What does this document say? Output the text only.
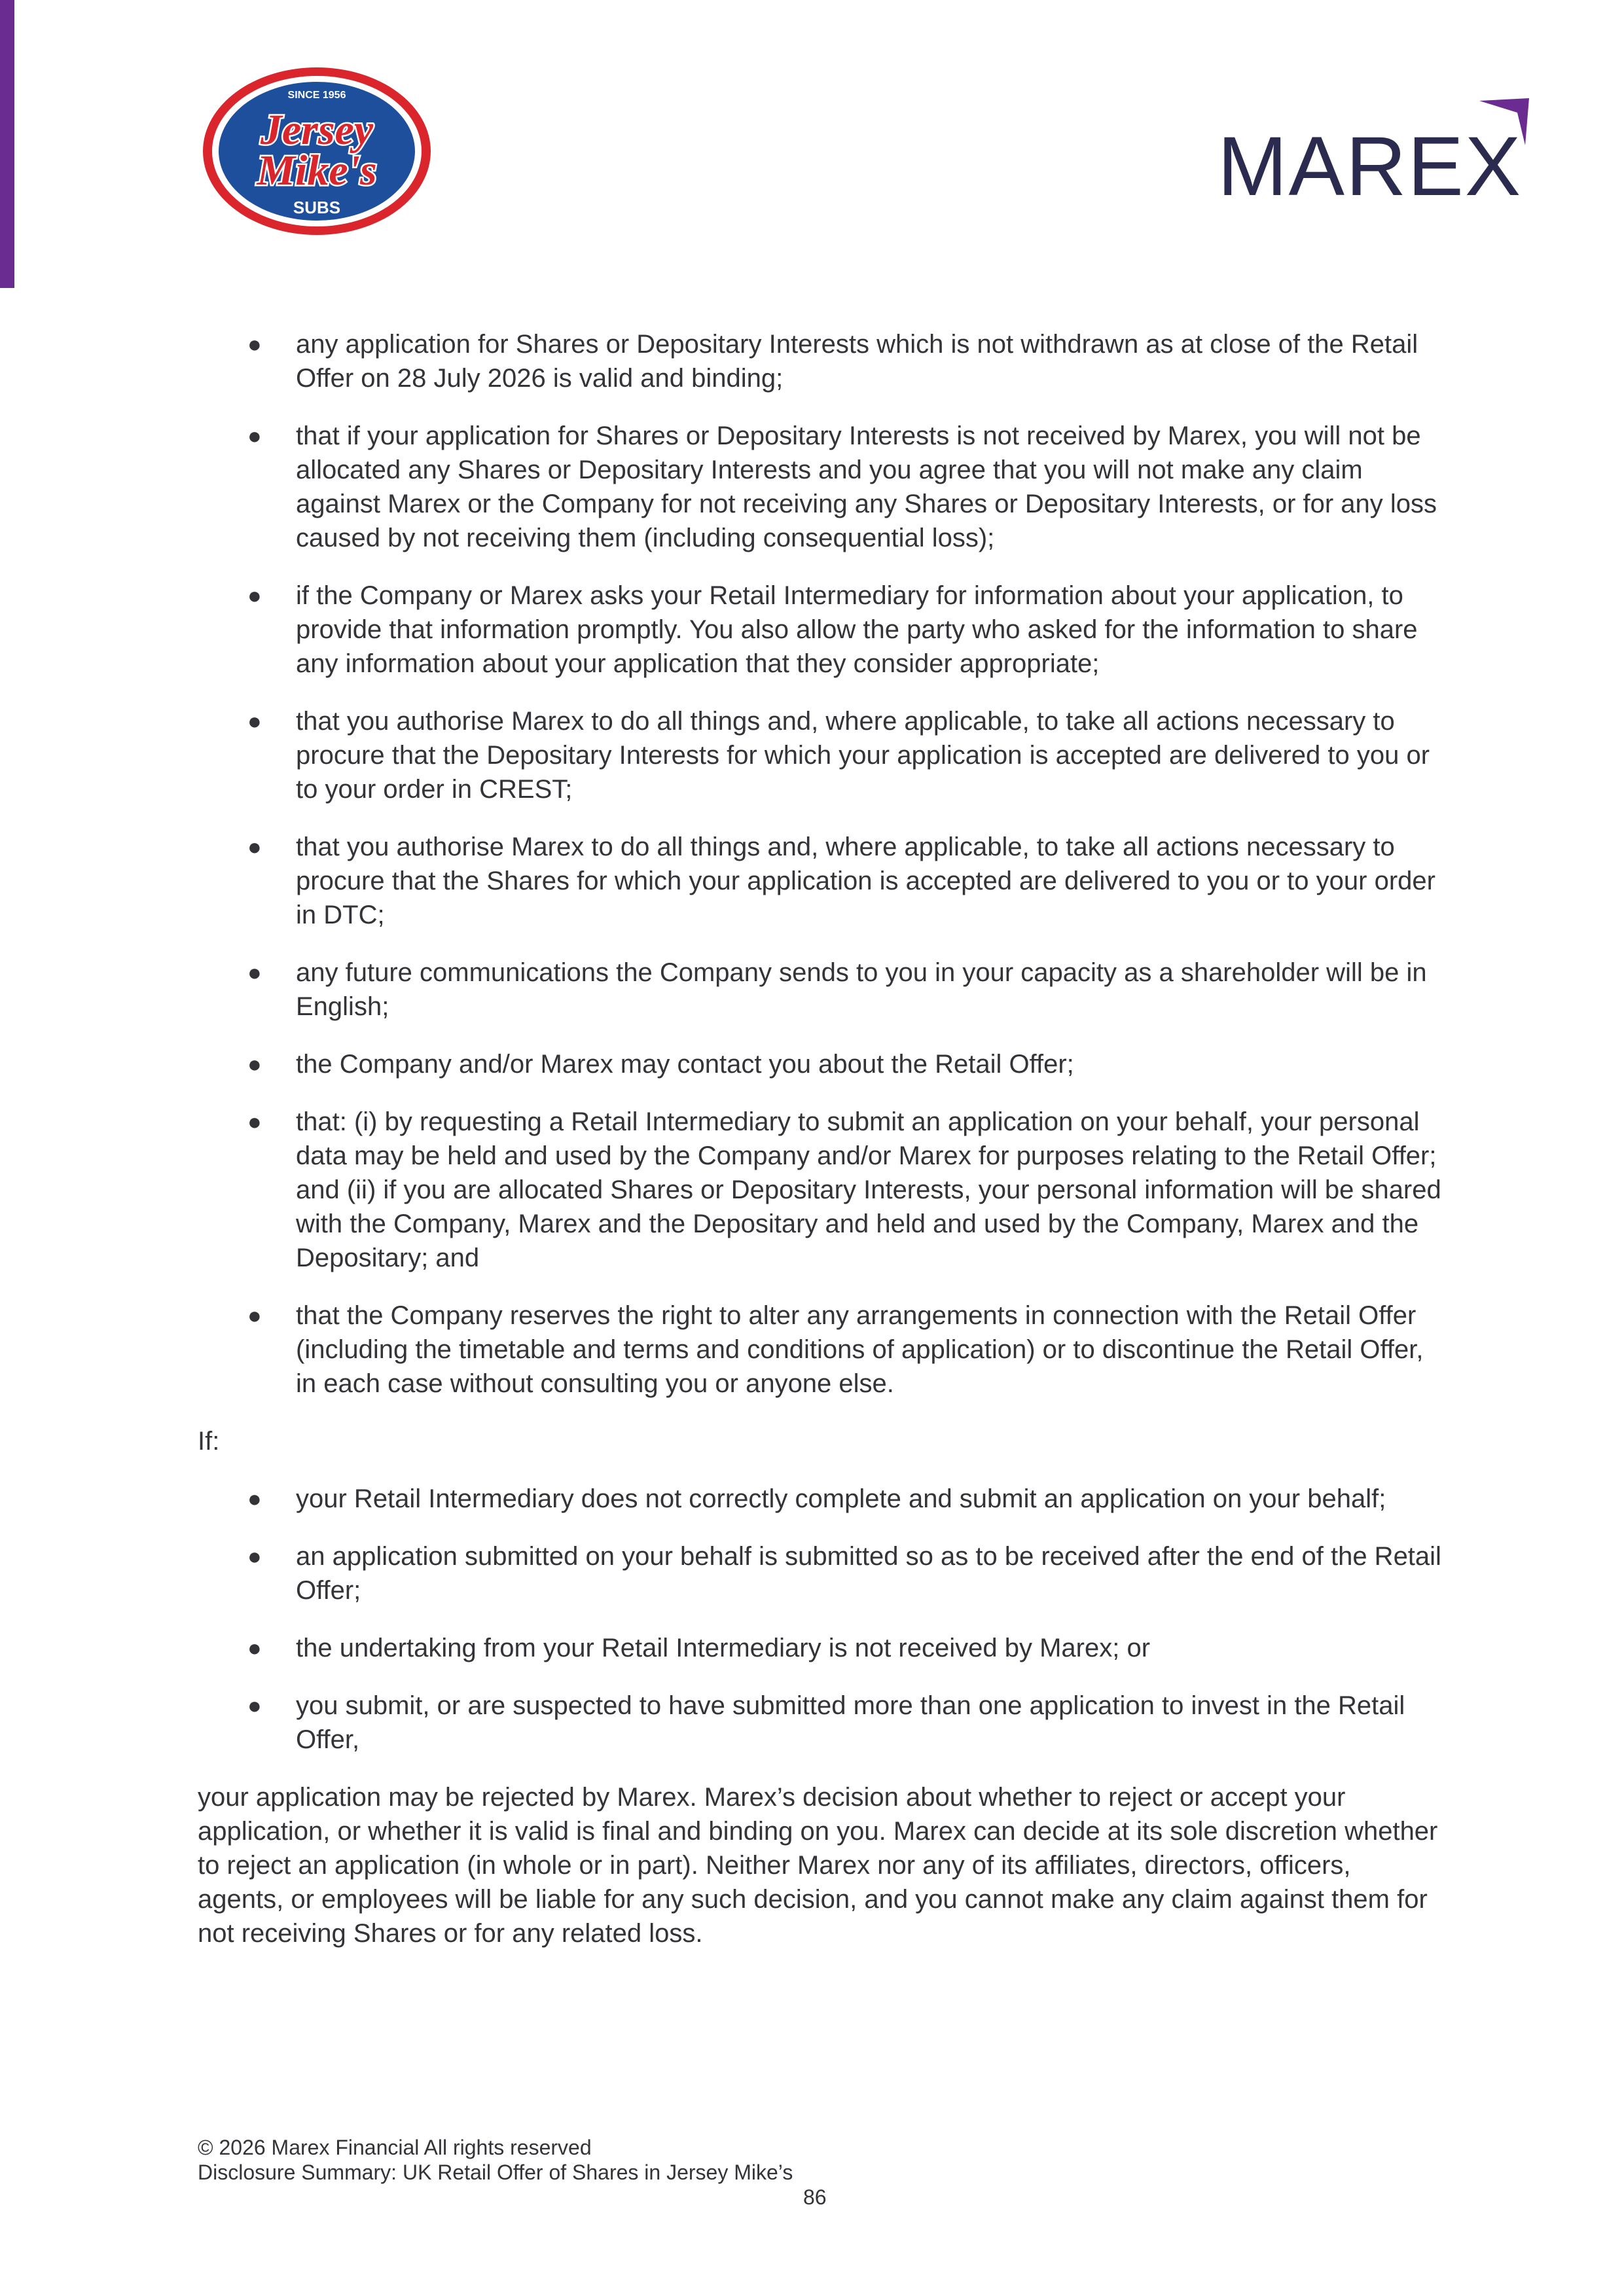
SINCE 1956
Jersey
Mike's
SUBS	MAREX
● any application for Shares or Depositary Interests which is not withdrawn as at close of the Retail Offer on 28 July 2026 is valid and binding;
● that if your application for Shares or Depositary Interests is not received by Marex, you will not be allocated any Shares or Depositary Interests and you agree that you will not make any claim against Marex or the Company for not receiving any Shares or Depositary Interests, or for any loss caused by not receiving them (including consequential loss);
● if the Company or Marex asks your Retail Intermediary for information about your application, to provide that information promptly. You also allow the party who asked for the information to share any information about your application that they consider appropriate;
● that you authorise Marex to do all things and, where applicable, to take all actions necessary to procure that the Depositary Interests for which your application is accepted are delivered to you or to your order in CREST;
● that you authorise Marex to do all things and, where applicable, to take all actions necessary to procure that the Shares for which your application is accepted are delivered to you or to your order in DTC;
● any future communications the Company sends to you in your capacity as a shareholder will be in English;
● the Company and/or Marex may contact you about the Retail Offer;
● that: (i) by requesting a Retail Intermediary to submit an application on your behalf, your personal data may be held and used by the Company and/or Marex for purposes relating to the Retail Offer; and (ii) if you are allocated Shares or Depositary Interests, your personal information will be shared with the Company, Marex and the Depositary and held and used by the Company, Marex and the Depositary; and
● that the Company reserves the right to alter any arrangements in connection with the Retail Offer (including the timetable and terms and conditions of application) or to discontinue the Retail Offer, in each case without consulting you or anyone else.

If:

● your Retail Intermediary does not correctly complete and submit an application on your behalf;
● an application submitted on your behalf is submitted so as to be received after the end of the Retail Offer;
● the undertaking from your Retail Intermediary is not received by Marex; or
● you submit, or are suspected to have submitted more than one application to invest in the Retail Offer,

your application may be rejected by Marex. Marex’s decision about whether to reject or accept your application, or whether it is valid is final and binding on you. Marex can decide at its sole discretion whether to reject an application (in whole or in part). Neither Marex nor any of its affiliates, directors, officers, agents, or employees will be liable for any such decision, and you cannot make any claim against them for not receiving Shares or for any related loss.

© 2026 Marex Financial All rights reserved
Disclosure Summary: UK Retail Offer of Shares in Jersey Mike’s
86
